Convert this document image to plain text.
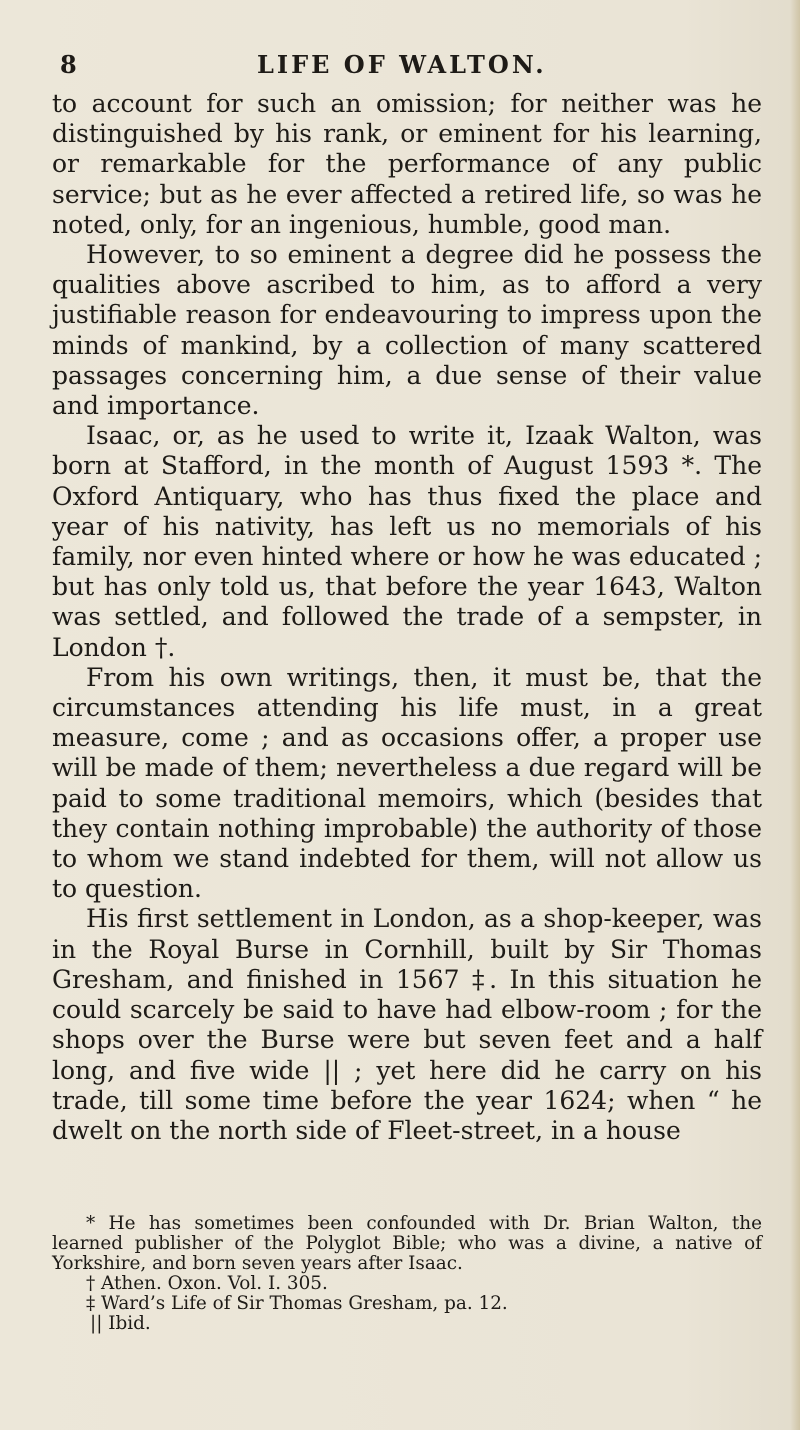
8	LIFE OF WALTON.

to account for such an omission; for neither was he distinguished by his rank, or eminent for his learning, or remarkable for the performance of any public service; but as he ever affected a retired life, so was he noted, only, for an ingenious, humble, good man.

However, to so eminent a degree did he possess the qualities above ascribed to him, as to afford a very justifiable reason for endeavouring to impress upon the minds of mankind, by a collection of many scattered passages concerning him, a due sense of their value and importance.

Isaac, or, as he used to write it, Izaak Walton, was born at Stafford, in the month of August 1593 *. The Oxford Antiquary, who has thus fixed the place and year of his nativity, has left us no memorials of his family, nor even hinted where or how he was educated ; but has only told us, that before the year 1643, Walton was settled, and followed the trade of a sempster, in London †.

From his own writings, then, it must be, that the circumstances attending his life must, in a great measure, come ; and as occasions offer, a proper use will be made of them; nevertheless a due regard will be paid to some traditional memoirs, which (besides that they contain nothing improbable) the authority of those to whom we stand indebted for them, will not allow us to question.

His first settlement in London, as a shop-keeper, was in the Royal Burse in Cornhill, built by Sir Thomas Gresham, and finished in 1567 ‡. In this situation he could scarcely be said to have had elbow-room ; for the shops over the Burse were but seven feet and a half long, and five wide || ; yet here did he carry on his trade, till some time before the year 1624; when “ he dwelt on the north side of Fleet-street, in a house

* He has sometimes been confounded with Dr. Brian Walton, the learned publisher of the Polyglot Bible; who was a divine, a native of Yorkshire, and born seven years after Isaac.

† Athen. Oxon. Vol. I. 305.

‡ Ward’s Life of Sir Thomas Gresham, pa. 12.

|| Ibid.
